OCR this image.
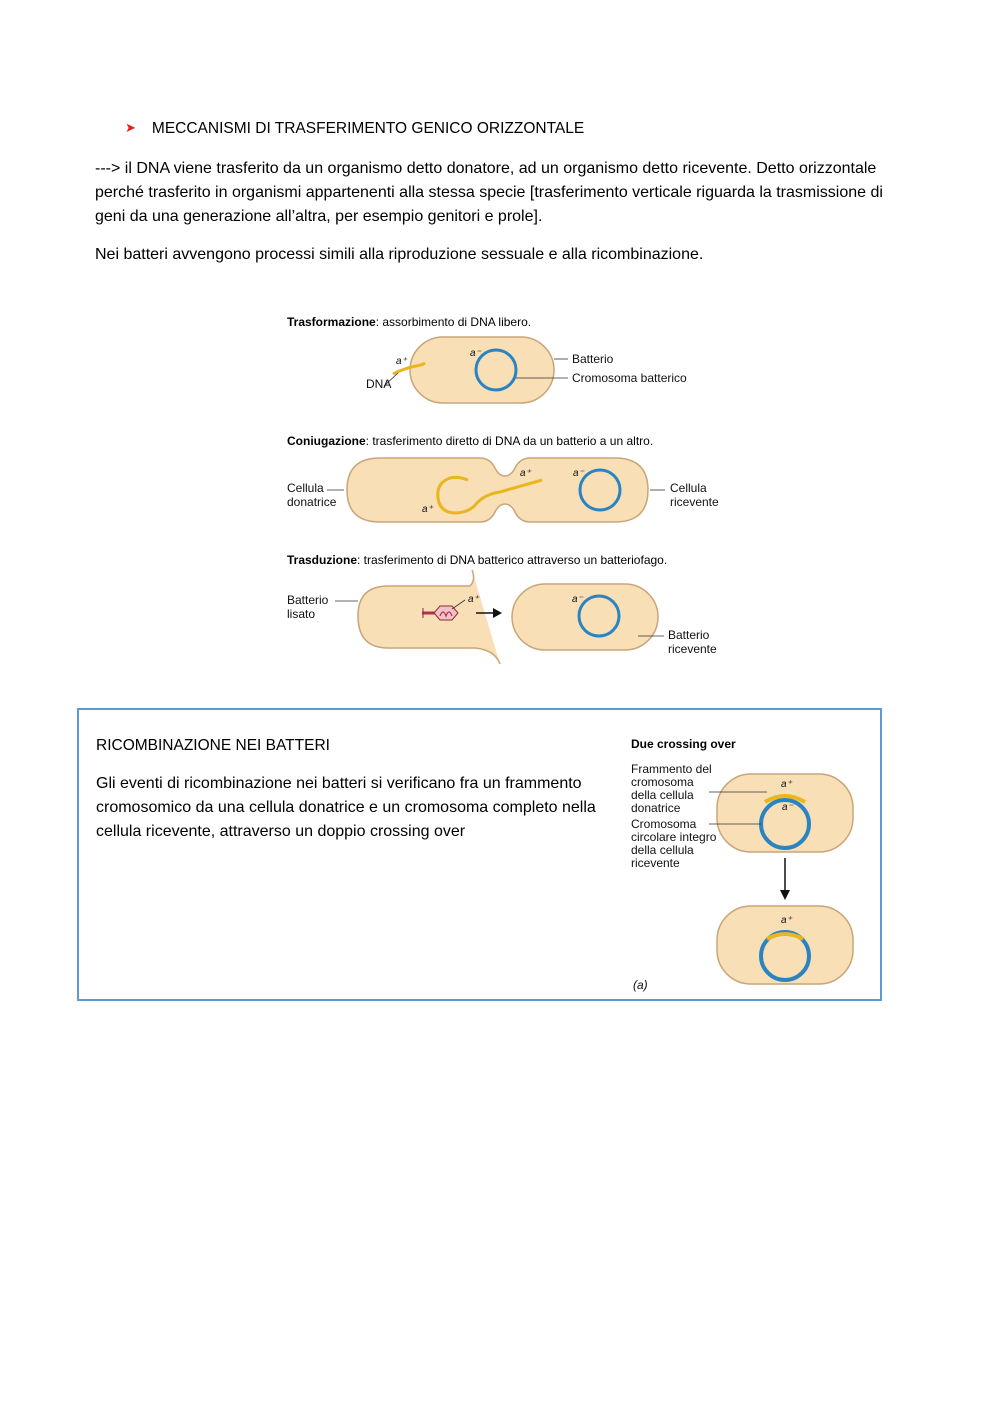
➤ MECCANISMI DI TRASFERIMENTO GENICO ORIZZONTALE
---> il DNA viene trasferito da un organismo detto donatore, ad un organismo detto ricevente. Detto orizzontale perché trasferito in organismi appartenenti alla stessa specie [trasferimento verticale riguarda la trasmissione di geni da una generazione all’altra, per esempio genitori e prole].
Nei batteri avvengono processi simili alla riproduzione sessuale e alla ricombinazione.
Trasformazione: assorbimento di DNA libero.
DNA
a⁺
a⁻	Batterio
Cromosoma batterico
Coniugazione: trasferimento diretto di DNA da un batterio a un altro.
a⁺	a⁻
a⁺
Cellula
donatrice
Cellula
ricevente
Trasduzione: trasferimento di DNA batterico attraverso un batteriofago.
a⁺	a⁻
Batterio
lisato
Batterio
ricevente
RICOMBINAZIONE NEI BATTERI
Gli eventi di ricombinazione nei batteri si verificano fra un frammento cromosomico da una cellula donatrice e un cromosoma completo nella cellula ricevente, attraverso un doppio crossing over
Due crossing over
Frammento del
cromosoma
della cellula
donatrice
Cromosoma
circolare integro
della cellula
ricevente
a⁺
a⁻
a⁺
(a)
